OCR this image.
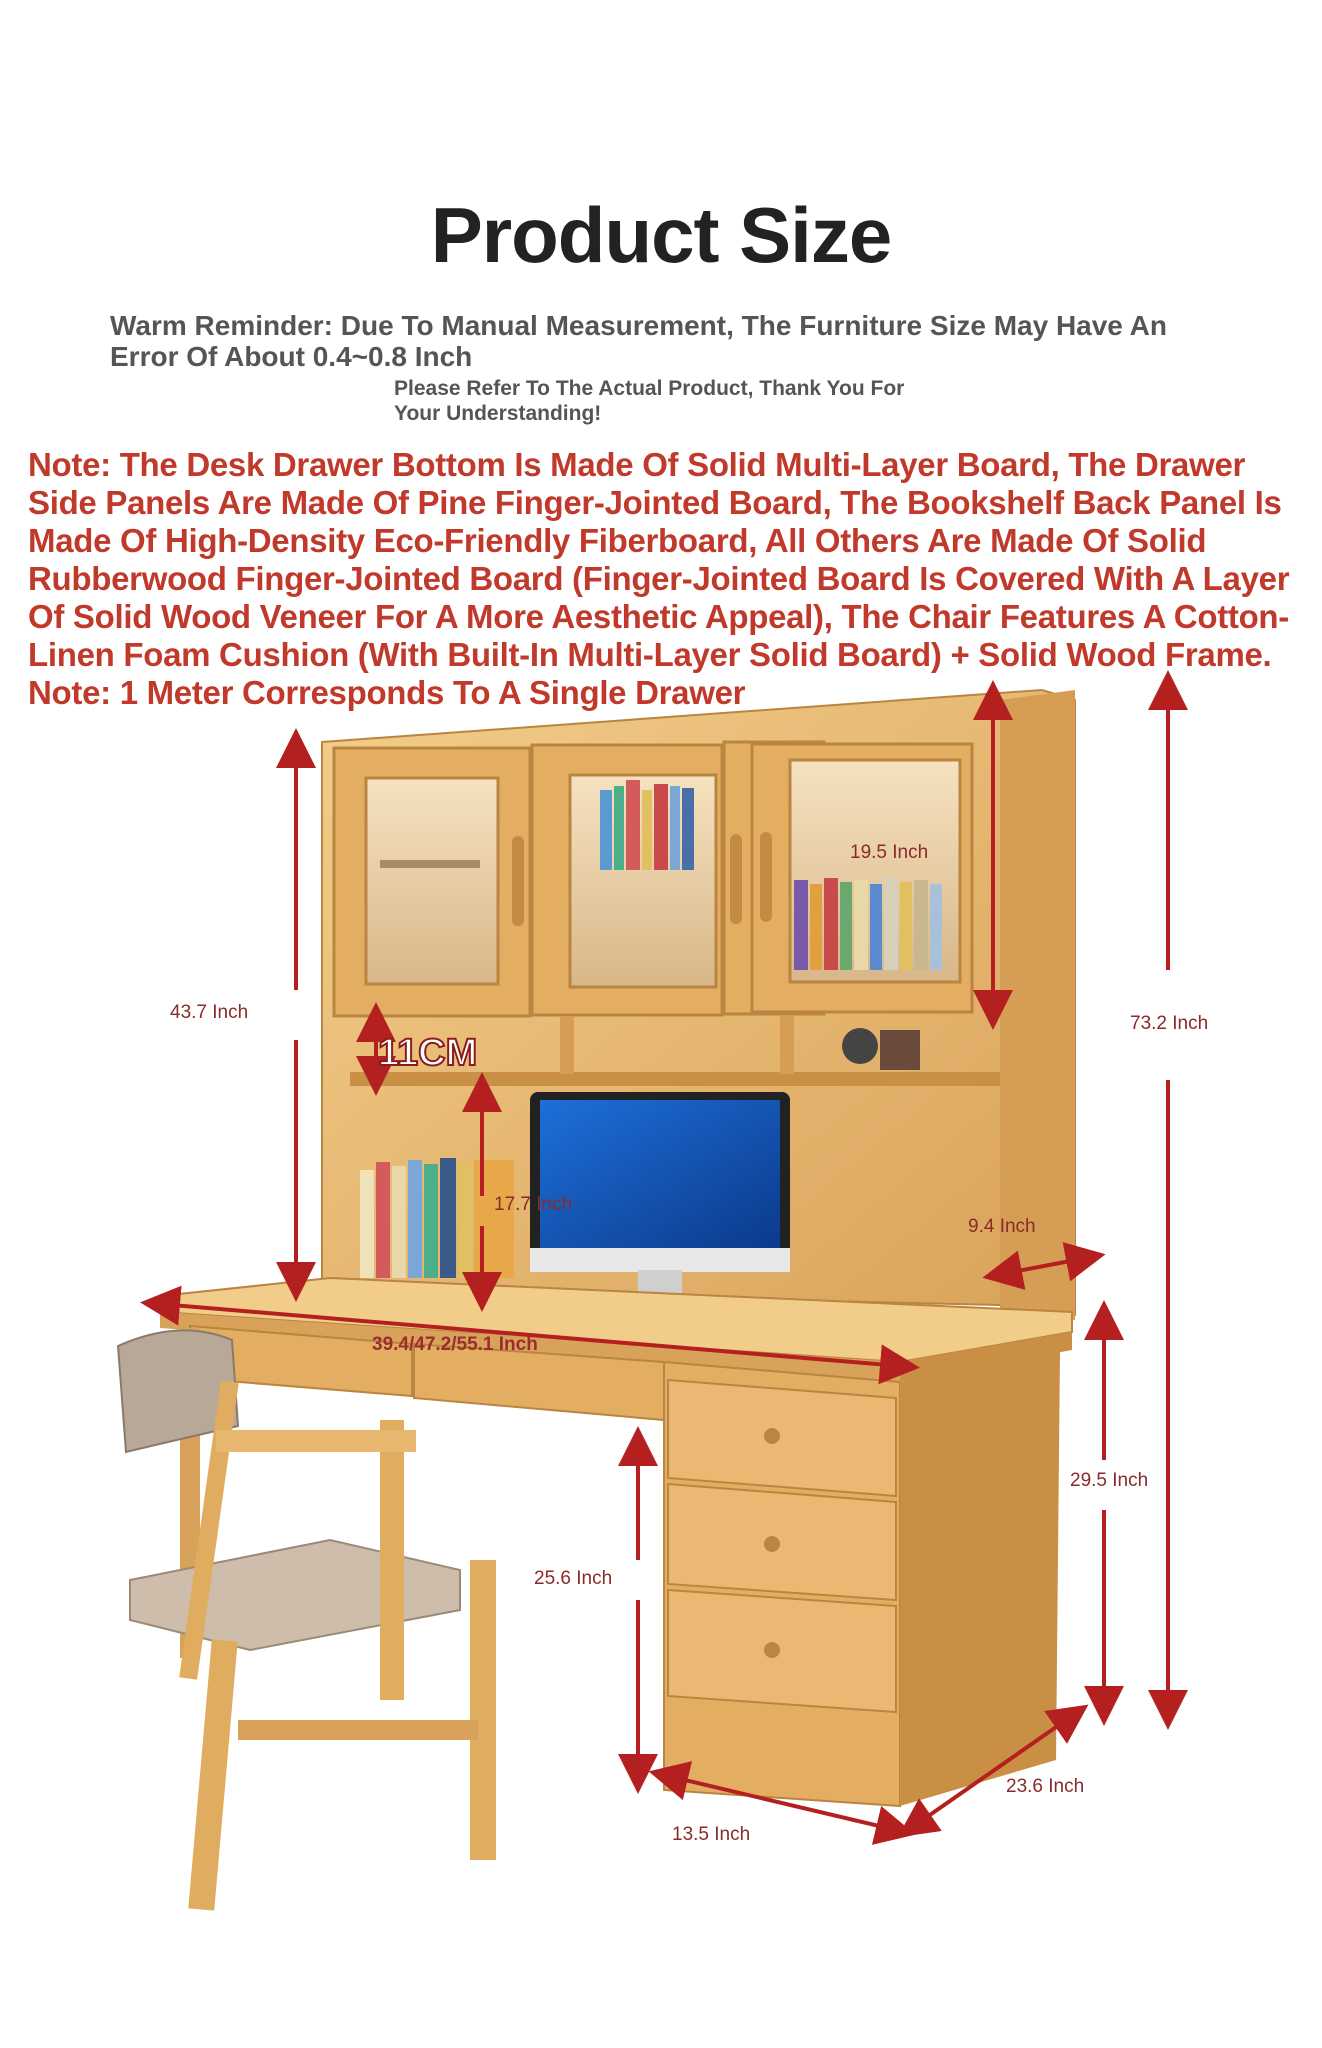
Product Size
Warm Reminder: Due To Manual Measurement, The Furniture Size May Have An Error Of About 0.4~0.8 Inch
Please Refer To The Actual Product, Thank You For Your Understanding!
Note: The Desk Drawer Bottom Is Made Of Solid Multi-Layer Board, The Drawer Side Panels Are Made Of Pine Finger-Jointed Board, The Bookshelf Back Panel Is Made Of High-Density Eco-Friendly Fiberboard, All Others Are Made Of Solid Rubberwood Finger-Jointed Board (Finger-Jointed Board Is Covered With A Layer Of Solid Wood Veneer For A More Aesthetic Appeal), The Chair Features A Cotton-Linen Foam Cushion (With Built-In Multi-Layer Solid Board) + Solid Wood Frame. Note: 1 Meter Corresponds To A Single Drawer
19.5 Inch
43.7 Inch
73.2 Inch
11CM
17.7 Inch
9.4 Inch
39.4/47.2/55.1 Inch
29.5 Inch
25.6 Inch
23.6 Inch
13.5 Inch
